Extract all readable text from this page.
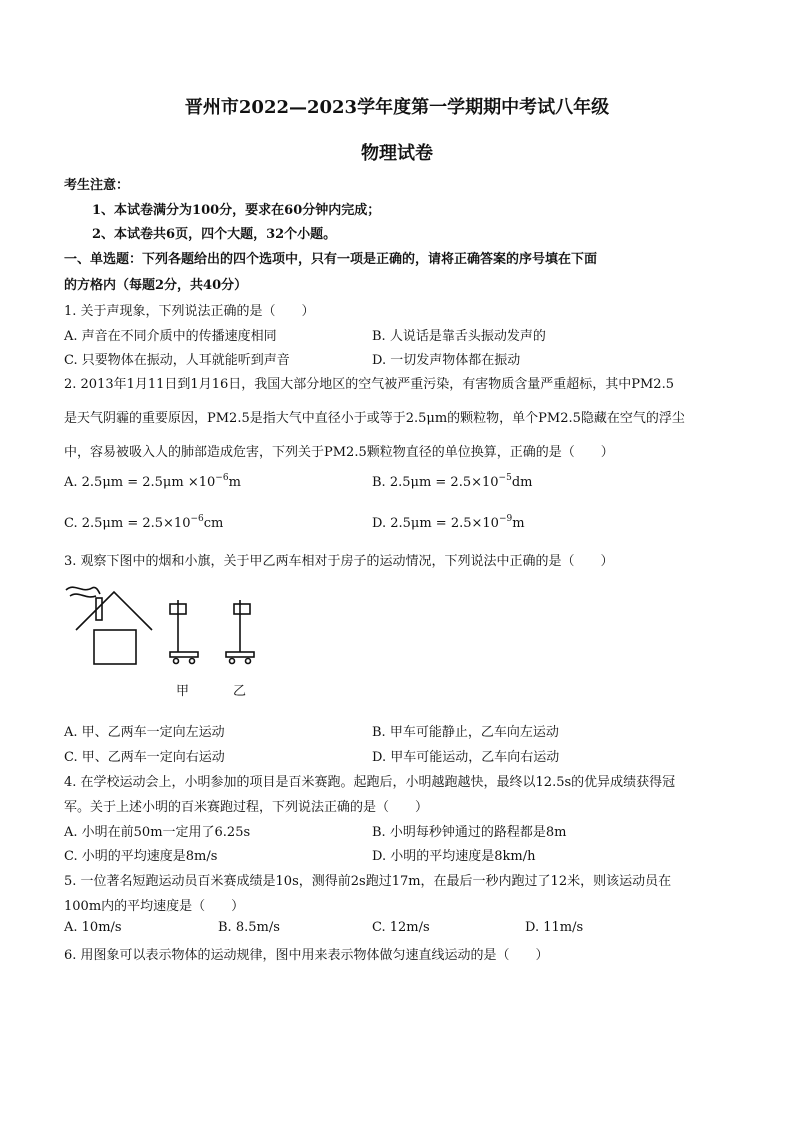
晋州市2022—2023学年度第一学期期中考试八年级
物理试卷
考生注意：
1、本试卷满分为100分，要求在60分钟内完成；
2、本试卷共6页，四个大题，32个小题。
一、单选题：下列各题给出的四个选项中，只有一项是正确的，请将正确答案的序号填在下面
的方格内（每题2分，共40分）
1. 关于声现象，下列说法正确的是（　　）
A. 声音在不同介质中的传播速度相同	B. 人说话是靠舌头振动发声的
C. 只要物体在振动，人耳就能听到声音	D. 一切发声物体都在振动
2. 2013年1月11日到1月16日，我国大部分地区的空气被严重污染，有害物质含量严重超标，其中PM2.5
是天气阴霾的重要原因，PM2.5是指大气中直径小于或等于2.5μm的颗粒物，单个PM2.5隐藏在空气的浮尘
中，容易被吸入人的肺部造成危害，下列关于PM2.5颗粒物直径的单位换算，正确的是（　　）
A. $2.5\mu m = 2.5\mu m \times 10^{-6}m$	B. $2.5\mu m = 2.5\times 10^{-5}dm$
C. $2.5\mu m = 2.5\times 10^{-6}cm$	D. $2.5\mu m = 2.5\times 10^{-9}m$
3. 观察下图中的烟和小旗，关于甲乙两车相对于房子的运动情况，下列说法中正确的是（　　）
甲	乙
A. 甲、乙两车一定向左运动	B. 甲车可能静止，乙车向左运动
C. 甲、乙两车一定向右运动	D. 甲车可能运动，乙车向右运动
4. 在学校运动会上，小明参加的项目是百米赛跑。起跑后，小明越跑越快，最终以12.5s的优异成绩获得冠
军。关于上述小明的百米赛跑过程，下列说法正确的是（　　）
A. 小明在前50m一定用了6.25s	B. 小明每秒钟通过的路程都是8m
C. 小明的平均速度是8m/s	D. 小明的平均速度是8km/h
5. 一位著名短跑运动员百米赛成绩是10s，测得前2s跑过17m，在最后一秒内跑过了12米，则该运动员在
100m内的平均速度是（　　）
A. 10m/s	B. 8.5m/s	C. 12m/s	D. 11m/s
6. 用图象可以表示物体的运动规律，图中用来表示物体做匀速直线运动的是（　　）
